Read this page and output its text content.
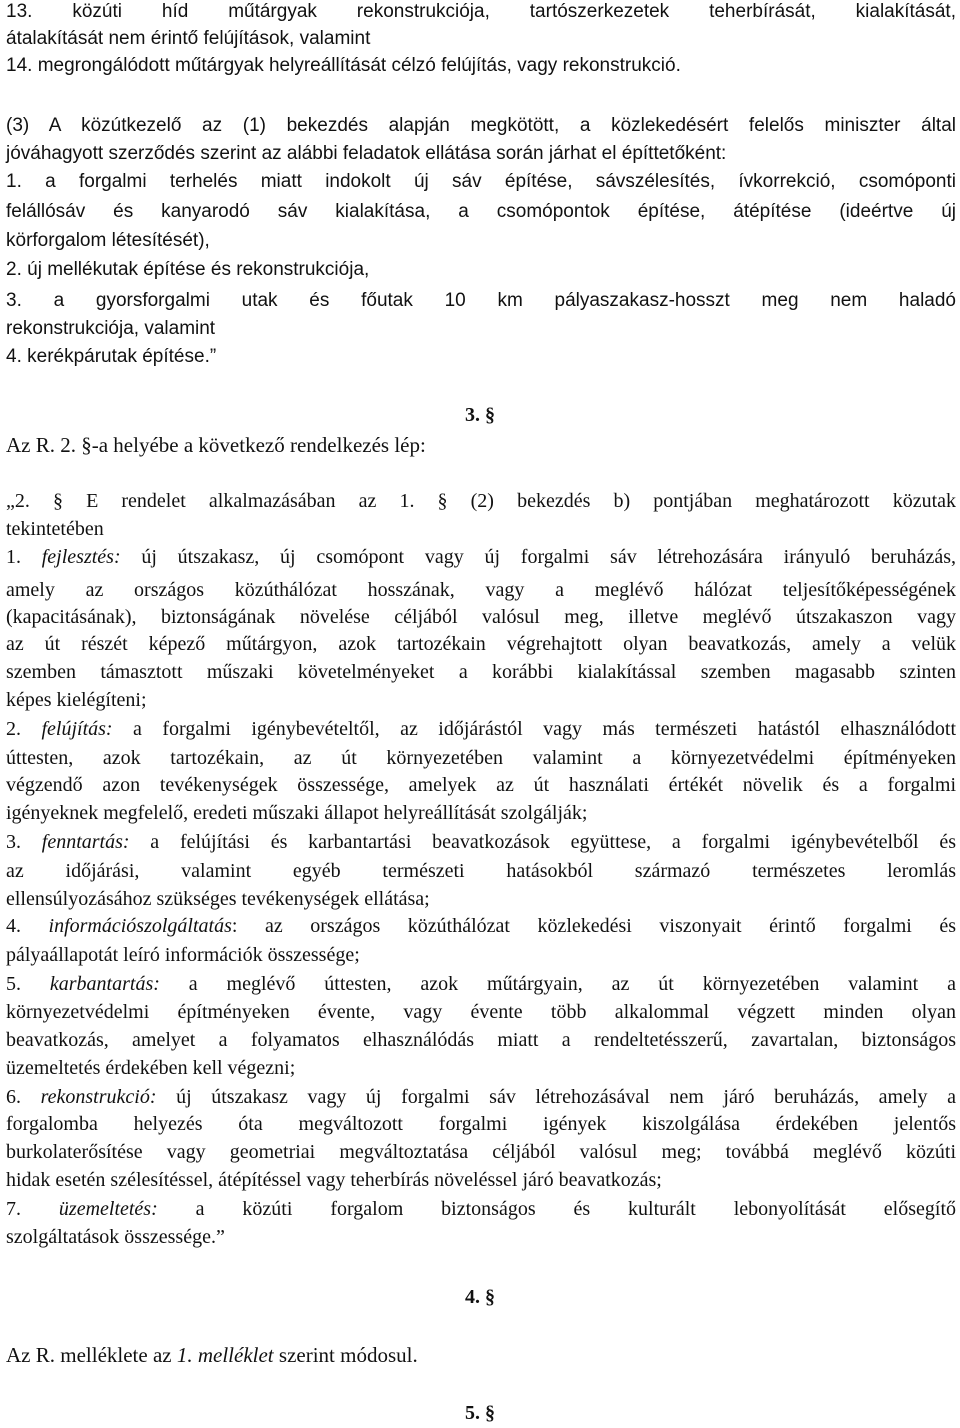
13. közúti híd műtárgyak rekonstrukciója, tartószerkezetek teherbírását, kialakítását,
átalakítását nem érintő felújítások, valamint
14. megrongálódott műtárgyak helyreállítását célzó felújítás, vagy rekonstrukció.
(3) A közútkezelő az (1) bekezdés alapján megkötött, a közlekedésért felelős miniszter által
jóváhagyott szerződés szerint az alábbi feladatok ellátása során járhat el építtetőként:
1. a forgalmi terhelés miatt indokolt új sáv építése, sávszélesítés, ívkorrekció, csomóponti
felállósáv és kanyarodó sáv kialakítása, a csomópontok építése, átépítése (ideértve új
körforgalom létesítését),
2. új mellékutak építése és rekonstrukciója,
3. a gyorsforgalmi utak és főutak 10 km pályaszakasz-hosszt meg nem haladó
rekonstrukciója, valamint
4. kerékpárutak építése.”
3. §
Az R. 2. §-a helyébe a következő rendelkezés lép:
„2. § E rendelet alkalmazásában az 1. § (2) bekezdés b) pontjában meghatározott közutak
tekintetében
1. fejlesztés: új útszakasz, új csomópont vagy új forgalmi sáv létrehozására irányuló beruházás,
amely az országos közúthálózat hosszának, vagy a meglévő hálózat teljesítőképességének
(kapacitásának), biztonságának növelése céljából valósul meg, illetve meglévő útszakaszon vagy
az út részét képező műtárgyon, azok tartozékain végrehajtott olyan beavatkozás, amely a velük
szemben támasztott műszaki követelményeket a korábbi kialakítással szemben magasabb szinten
képes kielégíteni;
2. felújítás: a forgalmi igénybevételtől, az időjárástól vagy más természeti hatástól elhasználódott
úttesten, azok tartozékain, az út környezetében valamint a környezetvédelmi építményeken
végzendő azon tevékenységek összessége, amelyek az út használati értékét növelik és a forgalmi
igényeknek megfelelő, eredeti műszaki állapot helyreállítását szolgálják;
3. fenntartás: a felújítási és karbantartási beavatkozások együttese, a forgalmi igénybevételből és
az időjárási, valamint egyéb természeti hatásokból származó természetes leromlás
ellensúlyozásához szükséges tevékenységek ellátása;
4. információszolgáltatás: az országos közúthálózat közlekedési viszonyait érintő forgalmi és
pályaállapotát leíró információk összessége;
5. karbantartás: a meglévő úttesten, azok műtárgyain, az út környezetében valamint a
környezetvédelmi építményeken évente, vagy évente több alkalommal végzett minden olyan
beavatkozás, amelyet a folyamatos elhasználódás miatt a rendeltetésszerű, zavartalan, biztonságos
üzemeltetés érdekében kell végezni;
6. rekonstrukció: új útszakasz vagy új forgalmi sáv létrehozásával nem járó beruházás, amely a
forgalomba helyezés óta megváltozott forgalmi igények kiszolgálása érdekében jelentős
burkolaterősítése vagy geometriai megváltoztatása céljából valósul meg; továbbá meglévő közúti
hidak esetén szélesítéssel, átépítéssel vagy teherbírás növeléssel járó beavatkozás;
7. üzemeltetés: a közúti forgalom biztonságos és kulturált lebonyolítását elősegítő
szolgáltatások összessége.”
4. §
Az R. melléklete az 1. melléklet szerint módosul.
5. §
